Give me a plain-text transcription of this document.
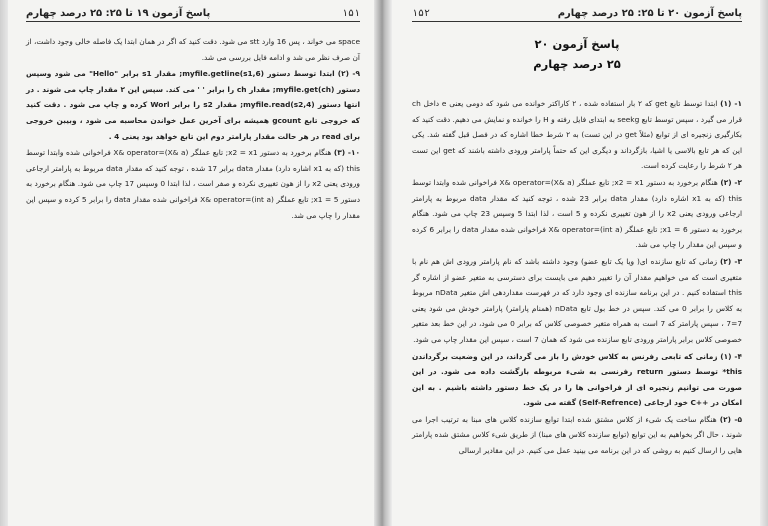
پاسخ آزمون ۱۹ تا ۲۵: ۲۵ درصد چهارم	۱۵۱

space می خواند ، پس 16 وارد stt می شود. دقت کنید که اگر در همان ابتدا یک فاصله خالی وجود داشت، از آن صرف نظر می شد و ادامه فایل بررسی می شد.

۹- (۲) ابتدا توسط دستور myfile.getline(s1,6); مقدار s1 برابر "Hello" می شود وسپس دستور myfile.get(ch); مقدار ch را برابر ' ' می کند. سپس این ۲ مقدار چاپ می شوند . در انتها دستور myfile.read(s2,4); مقدار s2 را برابر Worl کرده و چاپ می شود . دقت کنید که خروجی تابع gcount همیشه برای آخرین عمل خواندن محاسبه می شود ، وبیبن خروجی برای read در هر حالت مقدار پارامتر دوم این تابع خواهد بود یعنی 4 .

۱۰- (۳) هنگام برخورد به دستور x2 = x1; تابع عملگر X& operator=(X& a) فراخوانی شده وابتدا توسط this (که به x1 اشاره دارد) مقدار data برابر 17 شده ، توجه کنید که مقدار data مربوط به پارامتر ارجاعی ورودی یعنی x2 را از هون تغییری نکرده و صفر است ، لذا ابتدا 0 وسپس 17 چاپ می شود. هنگام برخورد به دستور x1 = 5; تابع عملگر X& operator=(int a) فراخوانی شده مقدار data را برابر 5 کرده و سپس این مقدار را چاپ می شد.

۱۵۲	پاسخ آزمون ۲۰ تا ۲۵: ۲۵ درصد چهارم
پاسخ آزمون ۲۰
۲۵ درصد چهارم

۱- (۱) ابتدا توسط تابع get که ۲ بار استفاده شده ، ۲ کاراکتر خوانده می شود که دومی یعنی e داخل ch قرار می گیرد ، سپس توسط تابع seekg به ابتدای فایل رفته و H را خوانده و نمایش می دهیم. دقت کنید که بکارگیری زنجیره ای از توابع (مثلاً get در این تست) به ۲ شرط خطا اشاره که در فصل قبل گفته شد. یکی این که هر تابع بالاسی یا اشیا، بازگرداند و دیگری این که حتماً پارامتر ورودی داشته باشند که get این تست هر ۲ شرط را رعایت کرده است.

۲- (۲) هنگام برخورد به دستور x2 = x1; تابع عملگر X& operator=(X& a) فراخوانی شده وابتدا توسط this (که به x1 اشاره دارد) مقدار data برابر 23 شده ، توجه کنید که مقدار data مربوط به پارامتر ارجاعی ورودی یعنی x2 را از هون تغییری نکرده و 5 است ، لذا ابتدا 5 وسپس 23 چاپ می شود. هنگام برخورد به دستور x1 = 6; تابع عملگر X& operator=(int a) فراخوانی شده مقدار data را برابر 6 کرده و سپس این مقدار را چاپ می شد.

۳- (۲) زمانی که تابع سازنده ای( ویا یک تابع عضو) وجود داشته باشد که نام پارامتر ورودی اش هم نام با متغیری است که می خواهیم مقدار آن را تغییر دهیم می بایست برای دسترسی به متغیر عضو از اشاره گر this استفاده کنیم . در این برنامه سازنده ای وجود دارد که در فهرست مقداردهی اش متغیر nData مربوط به کلاس را برابر 0 می کند. سپس در خط بول تابع nData (همنام پارامتر) پارامتر خودش می شود یعنی 7=7 ، سپس پارامتر که 7 است به همراه متغیر خصوصی کلاس که برابر 0 می شود، در این خط بعد متغیر خصوصی کلاس برابر پارامتر ورودی تابع سازنده می شود که همان 7 است ، سپس این مقدار چاپ می شود.

۴- (۱) زمانی که تابعی رفرنس به کلاس خودش را باز می گرداند، در این وضعیت برگرداندن this* توسط دستور return رفرنسی به شیء مربوطه بازگشت داده می شود. در این صورت می توانیم زنجیره ای از فراخوانی ها را در یک خط دستور داشته باشیم . به این امکان در ++C خود ارجاعی (Self-Refrence) گفته می شود.

۵- (۲) هنگام ساخت یک شیء از کلاس مشتق شده ابتدا توابع سازنده کلاس های مبنا به ترتیب اجرا می شوند ، حال اگر بخواهیم به این توابع (توابع سازنده کلاس های مبنا) از طریق شیء کلاس مشتق شده پارامتر هایی را ارسال کنیم به روشی که در این برنامه می بینید عمل می کنیم. در این مقادیر ارسالی
